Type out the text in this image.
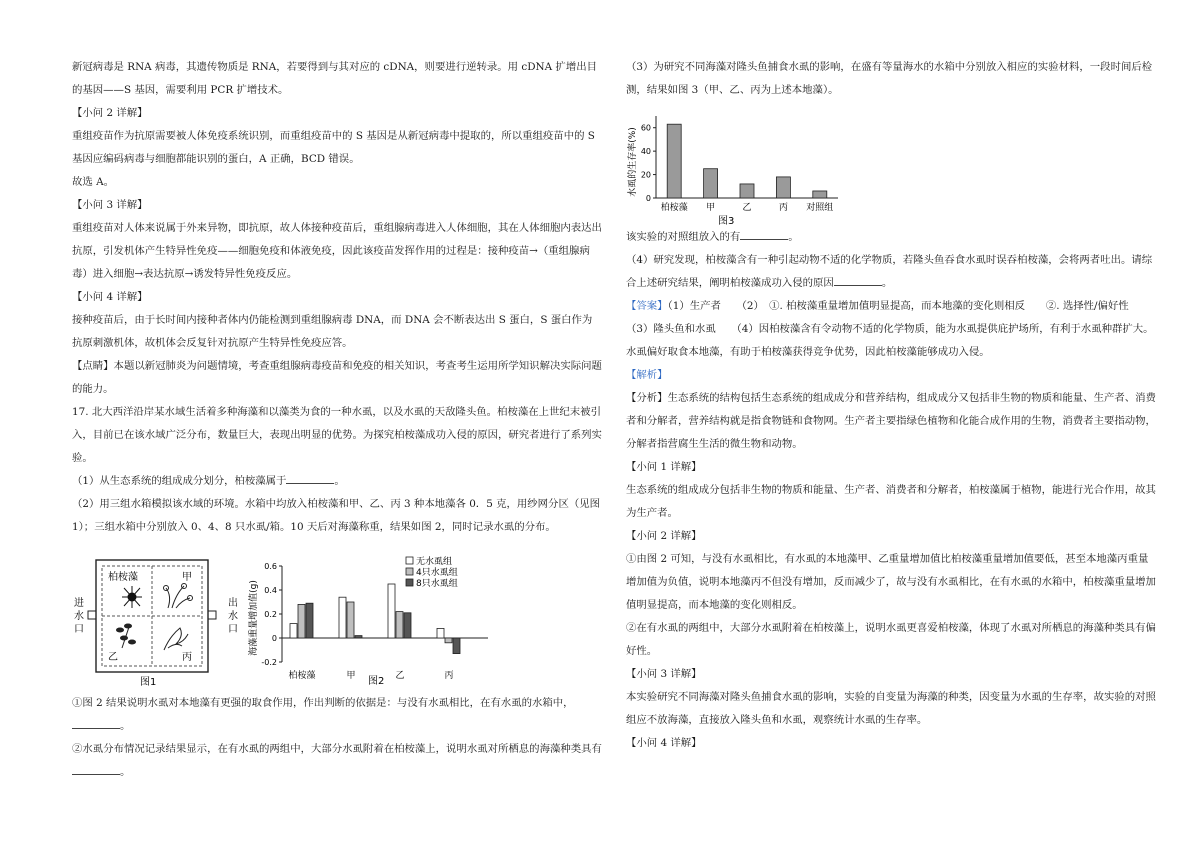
新冠病毒是 RNA 病毒，其遗传物质是 RNA，若要得到与其对应的 cDNA，则要进行逆转录。用 cDNA 扩增出目的基因——S 基因，需要利用 PCR 扩增技术。

【小问 2 详解】

重组疫苗作为抗原需要被人体免疫系统识别，而重组疫苗中的 S 基因是从新冠病毒中提取的，所以重组疫苗中的 S 基因应编码病毒与细胞都能识别的蛋白，A 正确，BCD 错误。

故选 A。

【小问 3 详解】

重组疫苗对人体来说属于外来异物，即抗原，故人体接种疫苗后，重组腺病毒进入人体细胞，其在人体细胞内表达出抗原，引发机体产生特异性免疫——细胞免疫和体液免疫，因此该疫苗发挥作用的过程是：接种疫苗→（重组腺病毒）进入细胞→表达抗原→诱发特异性免疫反应。

【小问 4 详解】

接种疫苗后，由于长时间内接种者体内仍能检测到重组腺病毒 DNA，而 DNA 会不断表达出 S 蛋白，S 蛋白作为抗原刺激机体，故机体会反复针对抗原产生特异性免疫应答。

【点睛】本题以新冠肺炎为问题情境，考查重组腺病毒疫苗和免疫的相关知识，考查考生运用所学知识解决实际问题的能力。

17. 北大西洋沿岸某水域生活着多种海藻和以藻类为食的一种水虱，以及水虱的天敌隆头鱼。柏桉藻在上世纪末被引入，目前已在该水域广泛分布，数量巨大，表现出明显的优势。为探究柏桉藻成功入侵的原因，研究者进行了系列实验。

（1）从生态系统的组成成分划分，柏桉藻属于	。

（2）用三组水箱模拟该水域的环境。水箱中均放入柏桉藻和甲、乙、丙 3 种本地藻各 0．5 克，用纱网分区（见图 1）；三组水箱中分别放入 0、4、8 只水虱/箱。10 天后对海藻称重，结果如图 2，同时记录水虱的分布。

进
水
口
柏桉藻	甲
乙	丙
出
水
口
图1
海藻重量增加值(g)
0.6
0.4
0.2
0
-0.2
柏桉藻	甲	乙	丙
无水虱组
4只水虱组
8只水虱组
图2

①图 2 结果说明水虱对本地藻有更强的取食作用，作出判断的依据是：与没有水虱相比，在有水虱的水箱中，
。

②水虱分布情况记录结果显示，在有水虱的两组中，大部分水虱附着在柏桉藻上，说明水虱对所栖息的海藻种类具有。

（3）为研究不同海藻对隆头鱼捕食水虱的影响，在盛有等量海水的水箱中分别放入相应的实验材料，一段时间后检测，结果如图 3（甲、乙、丙为上述本地藻）。

水虱的生存率(%) 60
40
20
0
柏桉藻 甲	乙	丙 对照组
图3

该实验的对照组放入的有	。

（4）研究发现，柏桉藻含有一种引起动物不适的化学物质，若隆头鱼吞食水虱时误吞柏桉藻，会将两者吐出。请综合上述研究结果，阐明柏桉藻成功入侵的原因	。

【答案】（1）生产者　　（2）　①. 柏桉藻重量增加值明显提高，而本地藻的变化则相反　　②. 选择性/偏好性

（3）隆头鱼和水虱　　（4）因柏桉藻含有令动物不适的化学物质，能为水虱提供庇护场所，有利于水虱种群扩大。水虱偏好取食本地藻，有助于柏桉藻获得竞争优势，因此柏桉藻能够成功入侵。

【解析】

【分析】生态系统的结构包括生态系统的组成成分和营养结构，组成成分又包括非生物的物质和能量、生产者、消费者和分解者，营养结构就是指食物链和食物网。生产者主要指绿色植物和化能合成作用的生物，消费者主要指动物，分解者指营腐生生活的微生物和动物。

【小问 1 详解】

生态系统的组成成分包括非生物的物质和能量、生产者、消费者和分解者，柏桉藻属于植物，能进行光合作用，故其为生产者。

【小问 2 详解】

①由图 2 可知，与没有水虱相比，有水虱的本地藻甲、乙重量增加值比柏桉藻重量增加值要低，甚至本地藻丙重量增加值为负值，说明本地藻丙不但没有增加，反而减少了，故与没有水虱相比，在有水虱的水箱中，柏桉藻重量增加值明显提高，而本地藻的变化则相反。

②在有水虱的两组中，大部分水虱附着在柏桉藻上，说明水虱更喜爱柏桉藻，体现了水虱对所栖息的海藻种类具有偏好性。

【小问 3 详解】

本实验研究不同海藻对隆头鱼捕食水虱的影响，实验的自变量为海藻的种类，因变量为水虱的生存率，故实验的对照组应不放海藻，直接放入隆头鱼和水虱，观察统计水虱的生存率。

【小问 4 详解】
